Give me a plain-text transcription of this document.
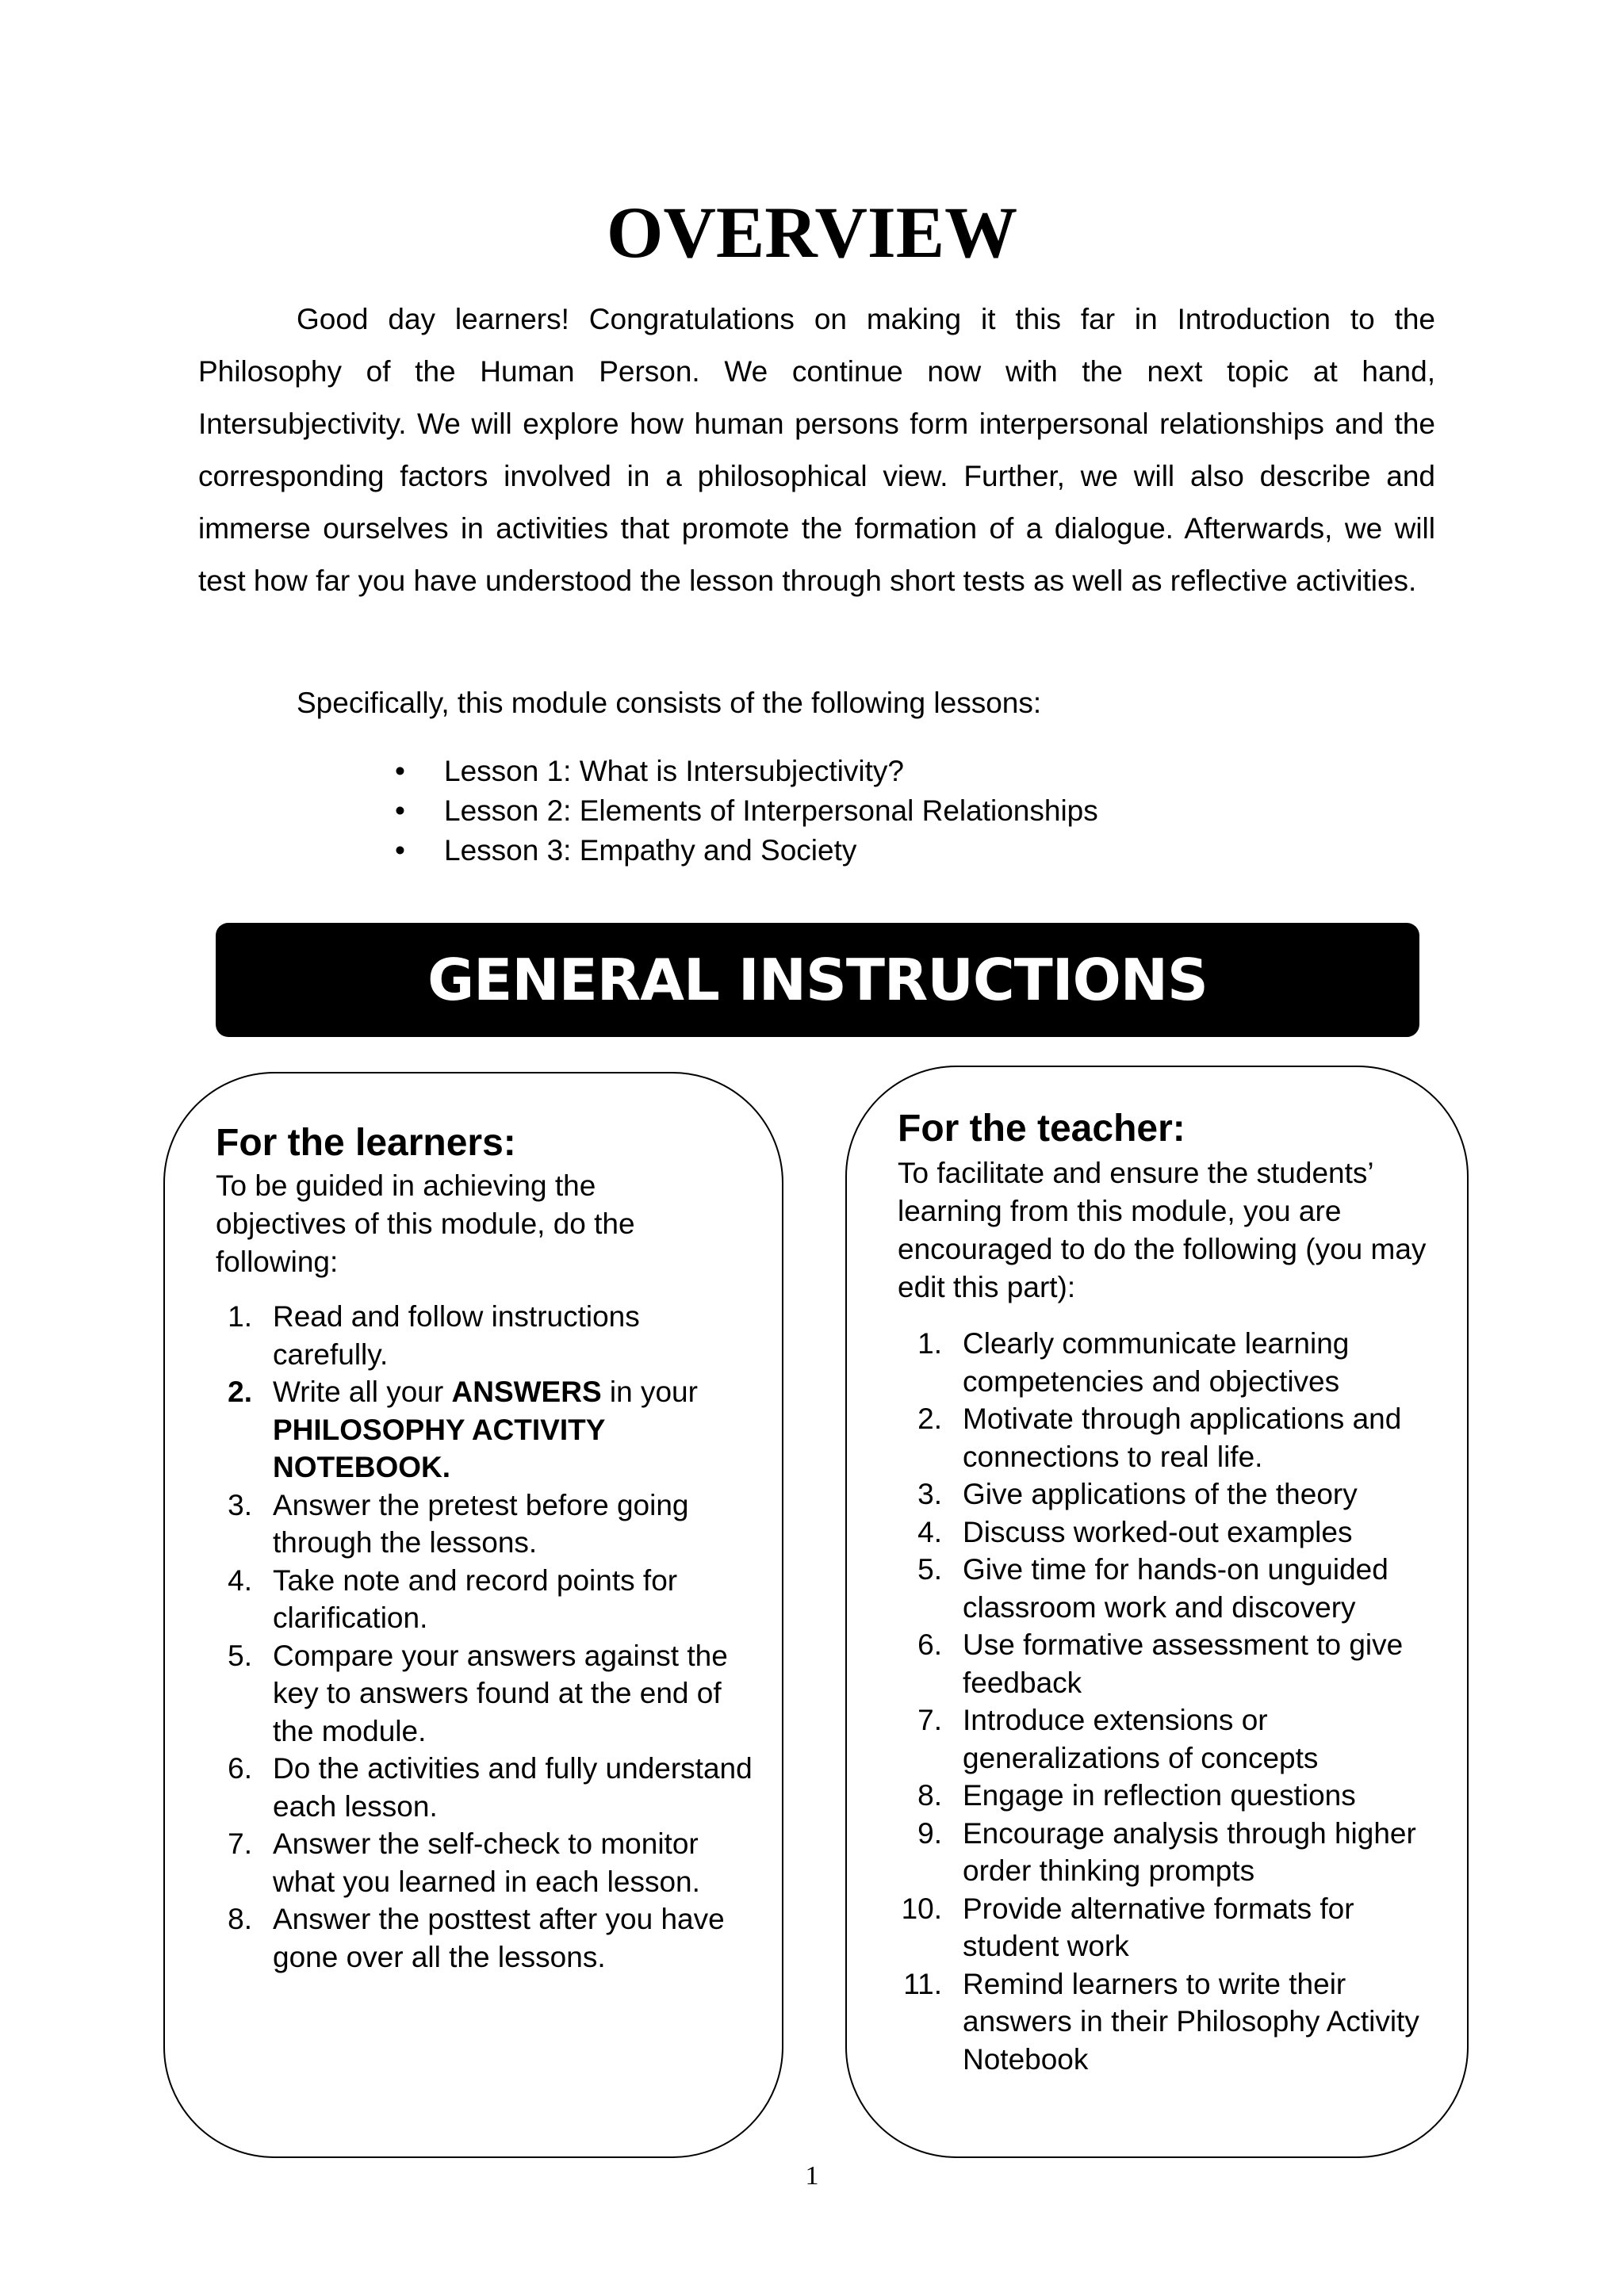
OVERVIEW

Good day learners! Congratulations on making it this far in Introduction to the Philosophy of the Human Person. We continue now with the next topic at hand, Intersubjectivity. We will explore how human persons form interpersonal relationships and the corresponding factors involved in a philosophical view. Further, we will also describe and immerse ourselves in activities that promote the formation of a dialogue. Afterwards, we will test how far you have understood the lesson through short tests as well as reflective activities.

Specifically, this module consists of the following lessons:

•	Lesson 1: What is Intersubjectivity?
•	Lesson 2: Elements of Interpersonal Relationships
•	Lesson 3: Empathy and Society
GENERAL INSTRUCTIONS
For the learners:

To be guided in achieving the objectives of this module, do the following:

1. Read and follow instructions carefully.
2. Write all your ANSWERS in your PHILOSOPHY ACTIVITY NOTEBOOK.
3. Answer the pretest before going through the lessons.
4. Take note and record points for clarification.
5. Compare your answers against the key to answers found at the end of the module.
6. Do the activities and fully understand each lesson.
7. Answer the self-check to monitor what you learned in each lesson.
8. Answer the posttest after you have gone over all the lessons.
For the teacher:

To facilitate and ensure the students’ learning from this module, you are encouraged to do the following (you may edit this part):

1. Clearly communicate learning competencies and objectives
2. Motivate through applications and connections to real life.
3. Give applications of the theory
4. Discuss worked-out examples
5. Give time for hands-on unguided classroom work and discovery
6. Use formative assessment to give feedback
7. Introduce extensions or generalizations of concepts
8. Engage in reflection questions
9. Encourage analysis through higher order thinking prompts
10. Provide alternative formats for student work
11. Remind learners to write their answers in their Philosophy Activity Notebook
1
